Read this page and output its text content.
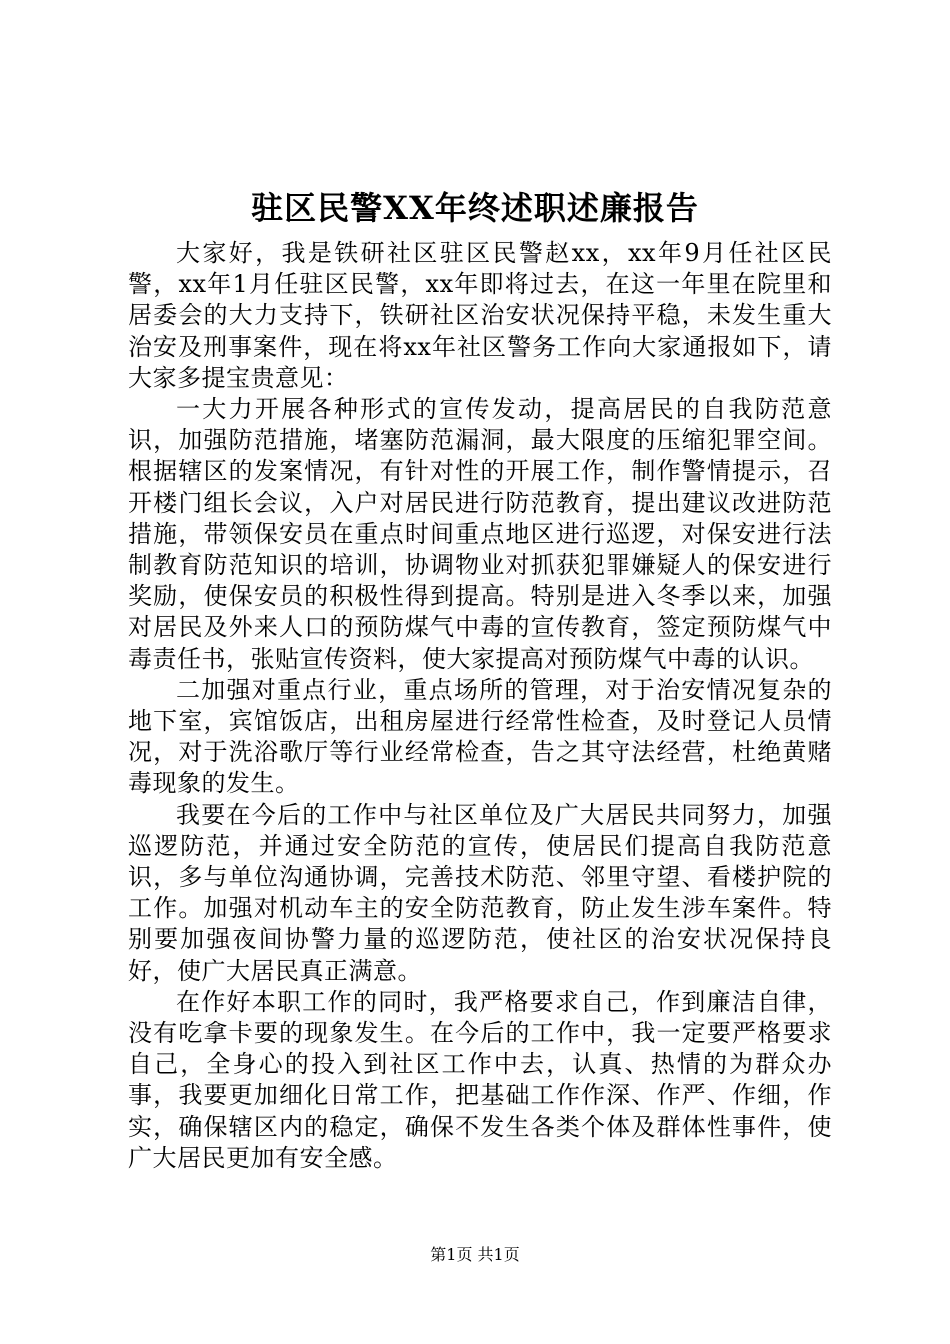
驻区民警XX年终述职述廉报告

大家好，我是铁研社区驻区民警赵xx，xx年9月任社区民警，xx年1月任驻区民警，xx年即将过去，在这一年里在院里和居委会的大力支持下，铁研社区治安状况保持平稳，未发生重大治安及刑事案件，现在将xx年社区警务工作向大家通报如下，请大家多提宝贵意见：

一大力开展各种形式的宣传发动，提高居民的自我防范意识，加强防范措施，堵塞防范漏洞，最大限度的压缩犯罪空间。根据辖区的发案情况，有针对性的开展工作，制作警情提示，召开楼门组长会议，入户对居民进行防范教育，提出建议改进防范措施，带领保安员在重点时间重点地区进行巡逻，对保安进行法制教育防范知识的培训，协调物业对抓获犯罪嫌疑人的保安进行奖励，使保安员的积极性得到提高。特别是进入冬季以来，加强对居民及外来人口的预防煤气中毒的宣传教育，签定预防煤气中毒责任书，张贴宣传资料，使大家提高对预防煤气中毒的认识。

二加强对重点行业，重点场所的管理，对于治安情况复杂的地下室，宾馆饭店，出租房屋进行经常性检查，及时登记人员情况，对于洗浴歌厅等行业经常检查，告之其守法经营，杜绝黄赌毒现象的发生。

我要在今后的工作中与社区单位及广大居民共同努力，加强巡逻防范，并通过安全防范的宣传，使居民们提高自我防范意识，多与单位沟通协调，完善技术防范、邻里守望、看楼护院的工作。加强对机动车主的安全防范教育，防止发生涉车案件。特别要加强夜间协警力量的巡逻防范，使社区的治安状况保持良好，使广大居民真正满意。

在作好本职工作的同时，我严格要求自己，作到廉洁自律，没有吃拿卡要的现象发生。在今后的工作中，我一定要严格要求自己，全身心的投入到社区工作中去，认真、热情的为群众办事，我要更加细化日常工作，把基础工作作深、作严、作细，作实，确保辖区内的稳定，确保不发生各类个体及群体性事件，使广大居民更加有安全感。

第1页 共1页
